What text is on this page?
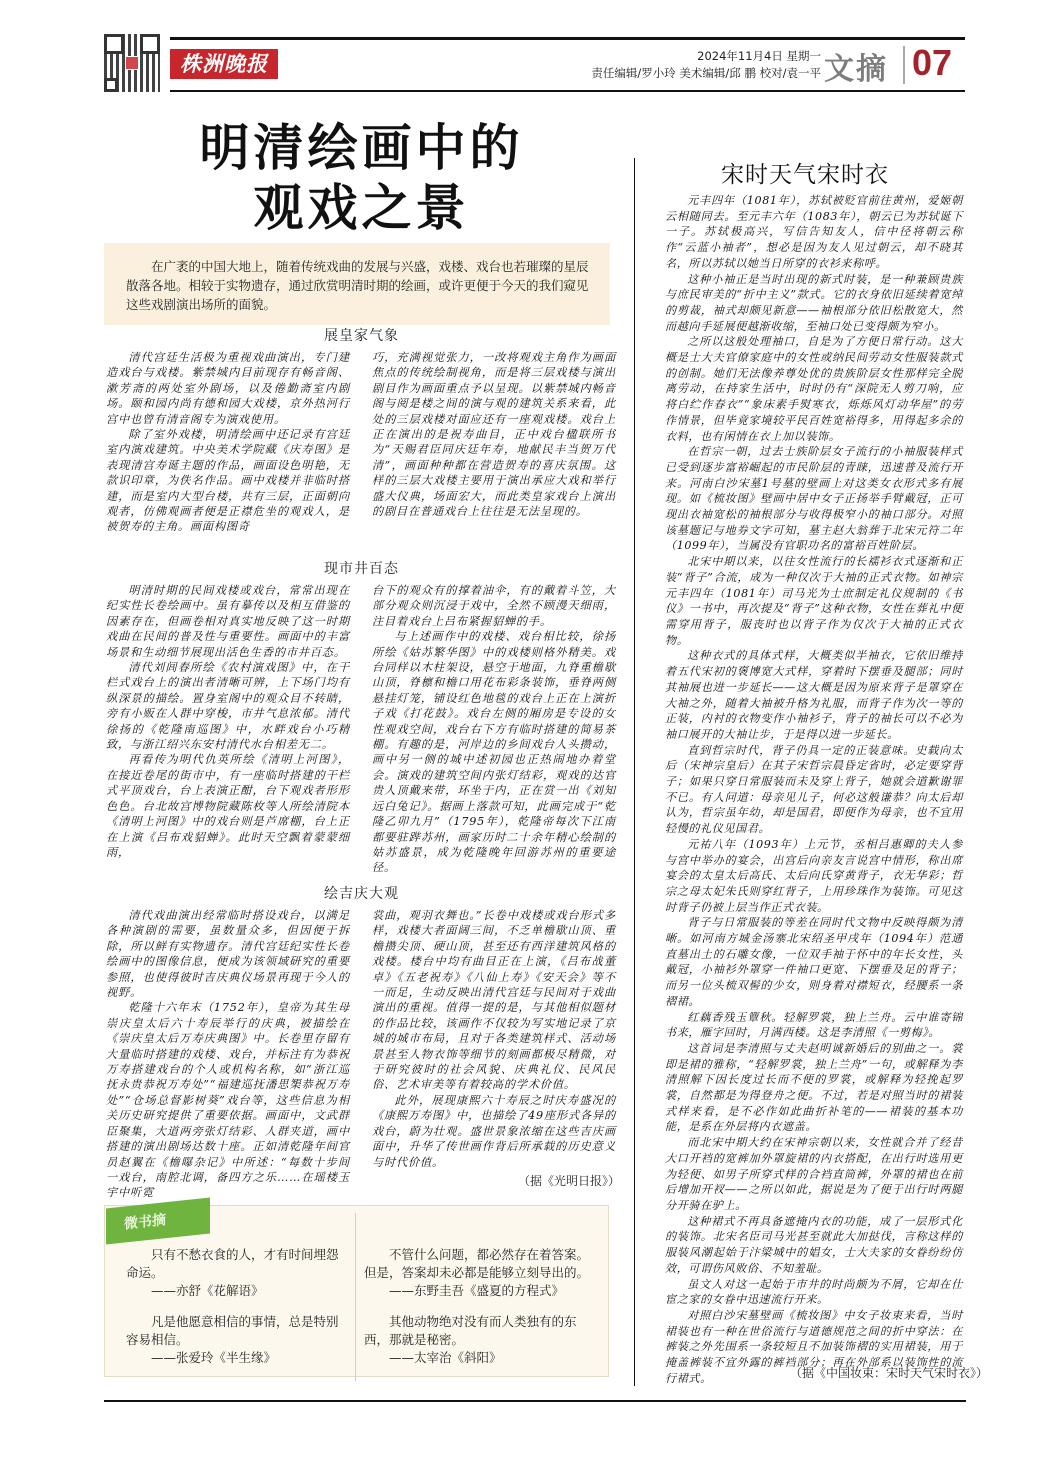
株洲晚报	2024年11月4日 星期一
责任编辑/罗小玲 美术编辑/邱 鹏 校对/袁一平 文摘 07
明清绘画中的
观戏之景
在广袤的中国大地上，随着传统戏曲的发展与兴盛，戏楼、戏台也若璀璨的星辰散落各地。相较于实物遗存，通过欣赏明清时期的绘画，或许更便于今天的我们窥见这些戏剧演出场所的面貌。
展皇家气象

清代宫廷生活极为重视戏曲演出，专门建造戏台与戏楼。紫禁城内目前现存有畅音阁、漱芳斋的两处室外剧场，以及倦勤斋室内剧场。颐和园内尚有德和园大戏楼，京外热河行宫中也曾有清音阁专为演戏使用。

除了室外戏楼，明清绘画中还记录有宫廷室内演戏建筑。中央美术学院藏《庆寿图》是表现清宫寿诞主题的作品，画面设色明艳，无款识印章，为佚名作品。画中戏楼并非临时搭建，而是室内大型台楼，共有三层，正面朝向观者，仿佛观画者便是正襟危坐的观戏人，是被贺寿的主角。画面构图奇

巧，充满视觉张力，一改将观戏主角作为画面焦点的传统绘制视角，而是将三层戏楼与演出剧目作为画面重点予以呈现。以紫禁城内畅音阁与阅是楼之间的演与观的建筑关系来看，此处的三层戏楼对面应还有一座观戏楼。戏台上正在演出的是祝寿曲目，正中戏台楹联所书为“天赐君臣同庆廷年寿，地献民丰当贺万代清”，画面种种都在营造贺寿的喜庆氛围。这样的三层大戏楼主要用于演出承应大戏和举行盛大仪典，场面宏大，而此类皇家戏台上演出的剧目在普通戏台上往往是无法呈现的。

现市井百态

明清时期的民间戏楼或戏台，常常出现在纪实性长卷绘画中。虽有摹传以及相互借鉴的因素存在，但画卷相对真实地反映了这一时期戏曲在民间的普及性与重要性。画面中的丰富场景和生动细节展现出活色生香的市井百态。

清代刘闾春所绘《农村演戏图》中，在干栏式戏台上的演出者清晰可辨，上下场门均有纵深景的描绘。置身室阁中的观众目不转睛，旁有小贩在人群中穿梭，市井气息浓郁。清代徐扬的《乾隆南巡图》中，水畔戏台小巧精致，与浙江绍兴东安村清代水台相差无二。

再看传为明代仇英所绘《清明上河图》，在接近卷尾的街市中，有一座临时搭建的干栏式平顶戏台，台上表演正酣，台下观戏者形形色色。台北故宫博物院藏陈枚等人所绘清院本《清明上河图》中的戏台则是芦席棚，台上正在上演《吕布戏貂蝉》。此时天空飘着蒙蒙细雨，

台下的观众有的撑着油伞，有的戴着斗笠，大部分观众则沉浸于戏中，全然不顾漫天细雨，注目着戏台上吕布紧握貂蝉的手。

与上述画作中的戏楼、戏台相比较，徐扬所绘《姑苏繁华图》中的戏楼则格外精美。戏台同样以木柱架设，悬空于地面，九脊重檐歇山顶，脊檩和檐口用花布彩条装饰，垂脊两侧悬挂灯笼，铺设红色地毯的戏台上正在上演折子戏《打花鼓》。戏台左侧的厢房是专设的女性观戏空间，戏台右下方有临时搭建的简易茶棚。有趣的是，河岸边的乡间戏台人头攒动，画中另一侧的城中述初园也正热闹地办着堂会。演戏的建筑空间内张灯结彩，观戏的达官贵人顶戴来带，环坐于内，正在赏一出《刘知远白兔记》。据画上落款可知，此画完成于“乾隆乙卯九月”（1795年），乾隆帝每次下江南都要驻跸苏州，画家历时二十余年精心绘制的姑苏盛景，成为乾隆晚年回游苏州的重要途径。

绘吉庆大观

清代戏曲演出经常临时搭设戏台，以满足各种演剧的需要，虽数量众多，但因便于拆除，所以鲜有实物遗存。清代宫廷纪实性长卷绘画中的图像信息，便成为该领域研究的重要参照，也使得彼时吉庆典仪场景再现于今人的视野。

乾隆十六年末（1752年），皇帝为其生母崇庆皇太后六十寿辰举行的庆典，被描绘在《崇庆皇太后万寿庆典图》中。长卷里存留有大量临时搭建的戏楼、戏台，并标注有为恭祝万寿搭建戏台的个人或机构名称，如“浙江巡抚永贵恭祝万寿处”“福建巡抚潘思榘恭祝万寿处”“仓场总督影树葵”戏台等，这些信息为相关历史研究提供了重要依据。画面中，文武群臣聚集，大道两旁张灯结彩、人群夹道，画中搭建的演出剧场达数十座。正如清乾隆年间官员赵翼在《檐曝杂记》中所述：“每数十步间一戏台，南腔北调，备四方之乐……在瑶楼玉宇中听霓

裳曲，观羽衣舞也。”长卷中戏楼或戏台形式多样，戏楼大者面阔三间，不乏单檐歇山顶、重檐攒尖顶、硬山顶，甚至还有西洋建筑风格的戏楼。楼台中均有曲目正在上演，《吕布战董卓》《五老祝寿》《八仙上寿》《安天会》等不一而足，生动反映出清代宫廷与民间对于戏曲演出的重视。值得一提的是，与其他相似题材的作品比较，该画作不仅较为写实地记录了京城的城市布局，且对于各类建筑样式、活动场景甚至人物衣饰等细节的刻画都极尽精微，对于研究彼时的社会风貌、庆典礼仪、民风民俗、艺术审美等有着较高的学术价值。

此外，展现康熙六十寿辰之时庆寿盛况的《康熙万寿图》中，也描绘了49座形式各异的戏台，蔚为壮观。盛世景象浓缩在这些吉庆画面中，升华了传世画作背后所承载的历史意义与时代价值。

（据《光明日报》）
微书摘
只有不愁衣食的人，才有时间埋怨命运。
——亦舒《花解语》
凡是他愿意相信的事情，总是特别容易相信。
——张爱玲《半生缘》
不管什么问题，都必然存在着答案。但是，答案却未必都是能够立刻导出的。
——东野圭吾《盛夏的方程式》
其他动物绝对没有而人类独有的东西，那就是秘密。
——太宰治《斜阳》
宋时天气宋时衣

元丰四年（1081年），苏轼被贬官前往黄州，爱姬朝云相随同去。至元丰六年（1083年），朝云已为苏轼诞下一子。苏轼极高兴，写信告知友人，信中径将朝云称作“云蓝小袖者”，想必是因为友人见过朝云，却不晓其名，所以苏轼以她当日所穿的衣衫来称呼。

这种小袖正是当时出现的新式时装，是一种兼顾贵族与庶民审美的“折中主义”款式。它的衣身依旧延续着宽绰的剪裁，袖式却颇见新意——袖根部分依旧松散宽大，然而越向手延展便越渐收缩，至袖口处已变得颇为窄小。

之所以这般处理袖口，自是为了方便日常行动。这大概是士大夫官僚家庭中的女性或纳民间劳动女性服装款式的创制。她们无法像养尊处优的贵族阶层女性那样完全脱离劳动，在持家生活中，时时仍有“深院无人剪刀响，应将白纻作春衣”“象床素手熨寒衣，烁烁风灯动华屋”的劳作情景，但毕竟家境较平民百姓宽裕得多，用得起多余的衣料，也有闲情在衣上加以装饰。

在哲宗一朝，过去士族阶层女子流行的小袖服装样式已受到逐步富裕崛起的市民阶层的青睐，迅速普及流行开来。河南白沙宋墓1号墓的壁画上对这类女衣形式多有展现。如《梳妆图》壁画中居中女子正扬举手臂戴冠，正可现出衣袖宽松的袖根部分与收得极窄小的袖口部分。对照该墓题记与地券文字可知，墓主赵大翁葬于北宋元符二年（1099年），当属没有官职功名的富裕百姓阶层。

北宋中期以来，以往女性流行的长襦衫衣式逐渐和正装“背子”合流，成为一种仅次于大袖的正式衣物。如神宗元丰四年（1081年）司马光为士庶制定礼仪规制的《书仪》一书中，再次提及“背子”这种衣物，女性在葬礼中便需穿用背子，服丧时也以背子作为仅次于大袖的正式衣物。

这种衣式的具体式样，大概类似半袖衣，它依旧维持着五代宋初的褒博宽大式样，穿着时下摆垂及腿部；同时其袖展也进一步延长——这大概是因为原来背子是罩穿在大袖之外，随着大袖被升格为礼服，而背子作为次一等的正装，内衬的衣物变作小袖衫子，背子的袖长可以不必为袖口展开的大袖让步，于是得以进一步延长。

直到哲宗时代，背子仍具一定的正装意味。史载向太后（宋神宗皇后）在其子宋哲宗晨昏定省时，必定要穿背子；如果只穿日常服装而未及穿上背子，她就会道歉谢罪不已。有人问道：母亲见儿子，何必这般谦恭？向太后却认为，哲宗虽年幼，却是国君，即便作为母亲，也不宜用轻慢的礼仪见国君。

元祐八年（1093年）上元节，丞相吕惠卿的夫人参与宫中举办的宴会，出宫后向亲友言说宫中情形，称出席宴会的太皇太后高氏、太后向氏穿黄背子，衣无华彩；哲宗之母太妃朱氏则穿红背子，上用珍珠作为装饰。可见这时背子仍被上层当作正式衣装。

背子与日常服装的等差在同时代文物中反映得颇为清晰。如河南方城金汤寨北宋绍圣甲戌年（1094年）范通直墓出土的石雕女像，一位双手袖于怀中的年长女性，头戴冠，小袖衫外罩穿一件袖口更宽、下摆垂及足的背子；而另一位头梳双髻的少女，则身着对襟短衣，经腰系一条褶裙。

红藕香残玉簟秋。轻解罗裳，独上兰舟。云中谁寄锦书来，雁字回时，月满西楼。这是李清照《一剪梅》。

这首词是李清照与丈夫赵明诚新婚后的别曲之一。裳即是裙的雅称，“轻解罗裳，独上兰舟”一句，或解释为李清照解下因长度过长而不便的罗裳，或解释为轻挽起罗裳，自然都是为得登舟之便。不过，若是对照当时的裙装式样来看，是不必作如此曲折补笔的——裙装的基本功能，是系在外层将内衣遮盖。

而北宋中期大约在宋神宗朝以来，女性就合并了经昔大口开裆的宽裤加外罩旋裙的内衣搭配，在出行时选用更为轻便、如男子所穿式样的合裆直筒裤，外罩的裙也在前后增加开衩——之所以如此，据说是为了便于出行时两腿分开骑在驴上。

这种裙式不再具备遮掩内衣的功能，成了一层形式化的装饰。北宋名臣司马光甚至就此大加挞伐，言称这样的服装风潮起始于汴梁城中的娼女，士大夫家的女眷纷纷仿效，可谓伤风败俗、不知羞耻。

虽文人对这一起始于市井的时尚颇为不屑，它却在仕宦之家的女眷中迅速流行开来。

对照白沙宋墓壁画《梳妆图》中女子妆束来看，当时裙装也有一种在世俗流行与道德规范之间的折中穿法：在裤装之外先围系一条较短且不加装饰褶的实用裙装，用于掩盖裤装不宜外露的裤裆部分；再在外部系以装饰性的流行裙式。	（据《中国妆束：宋时天气宋时衣》）
